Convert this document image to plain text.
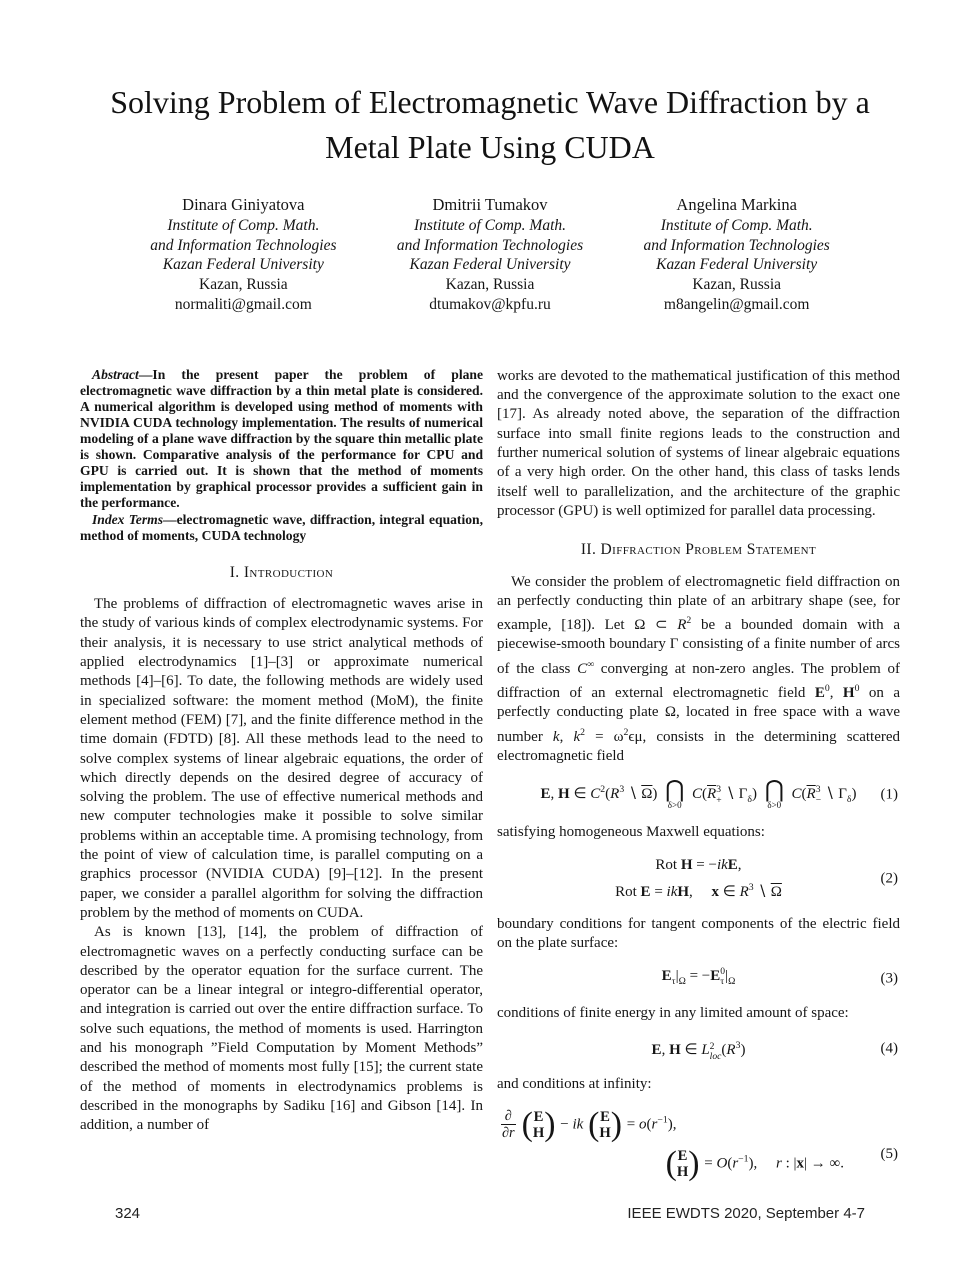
Solving Problem of Electromagnetic Wave Diffraction by a Metal Plate Using CUDA
Dinara Giniyatova
Institute of Comp. Math.
and Information Technologies
Kazan Federal University
Kazan, Russia
normaliti@gmail.com
Dmitrii Tumakov
Institute of Comp. Math.
and Information Technologies
Kazan Federal University
Kazan, Russia
dtumakov@kpfu.ru
Angelina Markina
Institute of Comp. Math.
and Information Technologies
Kazan Federal University
Kazan, Russia
m8angelin@gmail.com

Abstract—In the present paper the problem of plane electromagnetic wave diffraction by a thin metal plate is considered. A numerical algorithm is developed using method of moments with NVIDIA CUDA technology implementation. The results of numerical modeling of a plane wave diffraction by the square thin metallic plate is shown. Comparative analysis of the performance for CPU and GPU is carried out. It is shown that the method of moments implementation by graphical processor provides a sufficient gain in the performance.

Index Terms—electromagnetic wave, diffraction, integral equation, method of moments, CUDA technology

I. Introduction

The problems of diffraction of electromagnetic waves arise in the study of various kinds of complex electrodynamic systems. For their analysis, it is necessary to use strict analytical methods of applied electrodynamics [1]–[3] or approximate numerical methods [4]–[6]. To date, the following methods are widely used in specialized software: the moment method (MoM), the finite element method (FEM) [7], and the finite difference method in the time domain (FDTD) [8]. All these methods lead to the need to solve complex systems of linear algebraic equations, the order of which directly depends on the desired degree of accuracy of solving the problem. The use of effective numerical methods and new computer technologies make it possible to solve similar problems within an acceptable time. A promising technology, from the point of view of calculation time, is parallel computing on a graphics processor (NVIDIA CUDA) [9]–[12]. In the present paper, we consider a parallel algorithm for solving the diffraction problem by the method of moments on CUDA.

As is known [13], [14], the problem of diffraction of electromagnetic waves on a perfectly conducting surface can be described by the operator equation for the surface current. The operator can be a linear integral or integro-differential operator, and integration is carried out over the entire diffraction surface. To solve such equations, the method of moments is used. Harrington and his monograph ”Field Computation by Moment Methods” described the method of moments most fully [15]; the current state of the method of moments in electrodynamics problems is described in the monographs by Sadiku [16] and Gibson [14]. In addition, a number of

works are devoted to the mathematical justification of this method and the convergence of the approximate solution to the exact one [17]. As already noted above, the separation of the diffraction surface into small finite regions leads to the construction and further numerical solution of systems of linear algebraic equations of a very high order. On the other hand, this class of tasks lends itself well to parallelization, and the architecture of the graphic processor (GPU) is well optimized for parallel data processing.

II. Diffraction Problem Statement

We consider the problem of electromagnetic field diffraction on an perfectly conducting thin plate of an arbitrary shape (see, for example, [18]). Let Ω ⊂ $R^2$ be a bounded domain with a piecewise-smooth boundary Γ consisting of a finite number of arcs of the class C∞ converging at non-zero angles. The problem of diffraction of an external electromagnetic field $E^0$, $H^0$ on a perfectly conducting plate Ω, located in free space with a wave number k, $k^2 = \omega^2\epsilon\mu$, consists in the determining scattered electromagnetic field

E, H ∈ $C^2(R^3$ ∖ $\overline{\Omega}$) ⋂
δ>0
$C(\overline{R}$ 3
+ ∖ $\Gamma_\delta$) ⋂
δ>0
$C(\overline{R}$ 3
− ∖ $\Gamma_\delta$) (1)

satisfying homogeneous Maxwell equations:

Rot H = −ikE,
Rot E = ikH,   x ∈ $R^3$ ∖ $\overline{\Omega}$
(2)

boundary conditions for tangent components of the electric field on the plate surface:

$E_\tau|_\Omega = -E$ 0
τ $|_\Omega$	(3)

conditions of finite energy in any limited amount of space:

E, H ∈ L 2
loc $(R^3)$	(4)

and conditions at infinity:

$\frac{\partial}{\partial r}$ ( E
H ) − ik ( E
H ) = $o(r^{-1})$,
( E
H ) = $O(r^{-1})$,   r : |x| → ∞.
(5)
324	IEEE EWDTS 2020, September 4-7
